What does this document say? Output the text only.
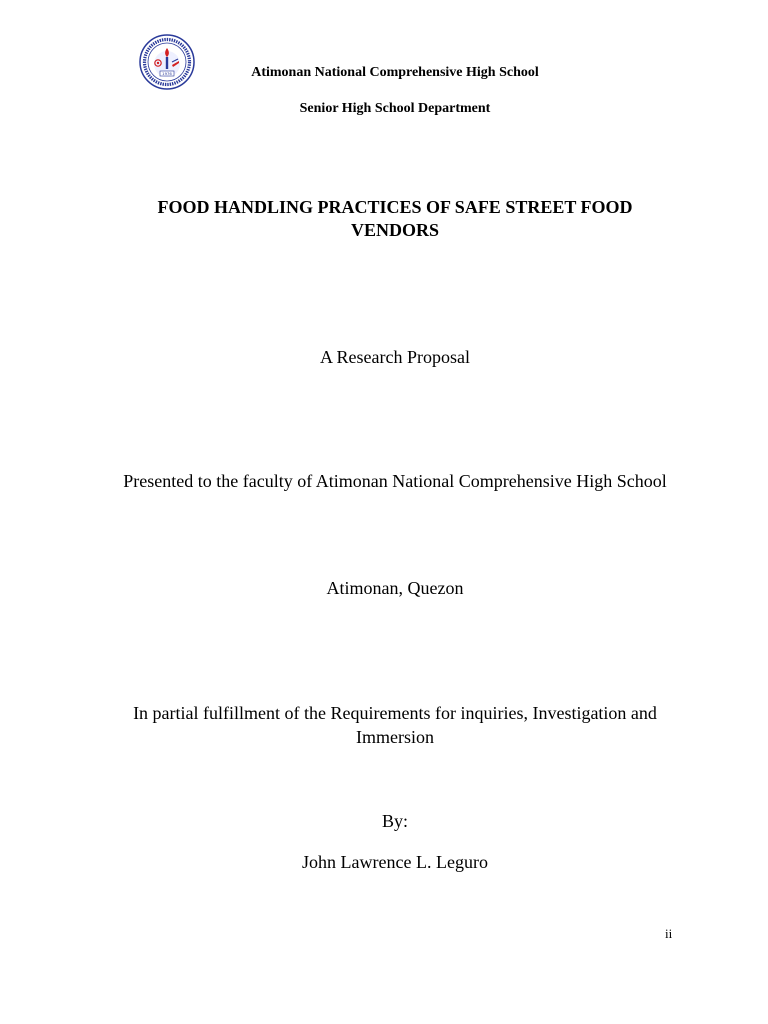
1976	Atimonan National Comprehensive High School

Senior High School Department

FOOD HANDLING PRACTICES OF SAFE STREET FOOD VENDORS

A Research Proposal

Presented to the faculty of Atimonan National Comprehensive High School

Atimonan, Quezon

In partial fulfillment of the Requirements for inquiries, Investigation and Immersion

By:

John Lawrence L. Leguro

ii
